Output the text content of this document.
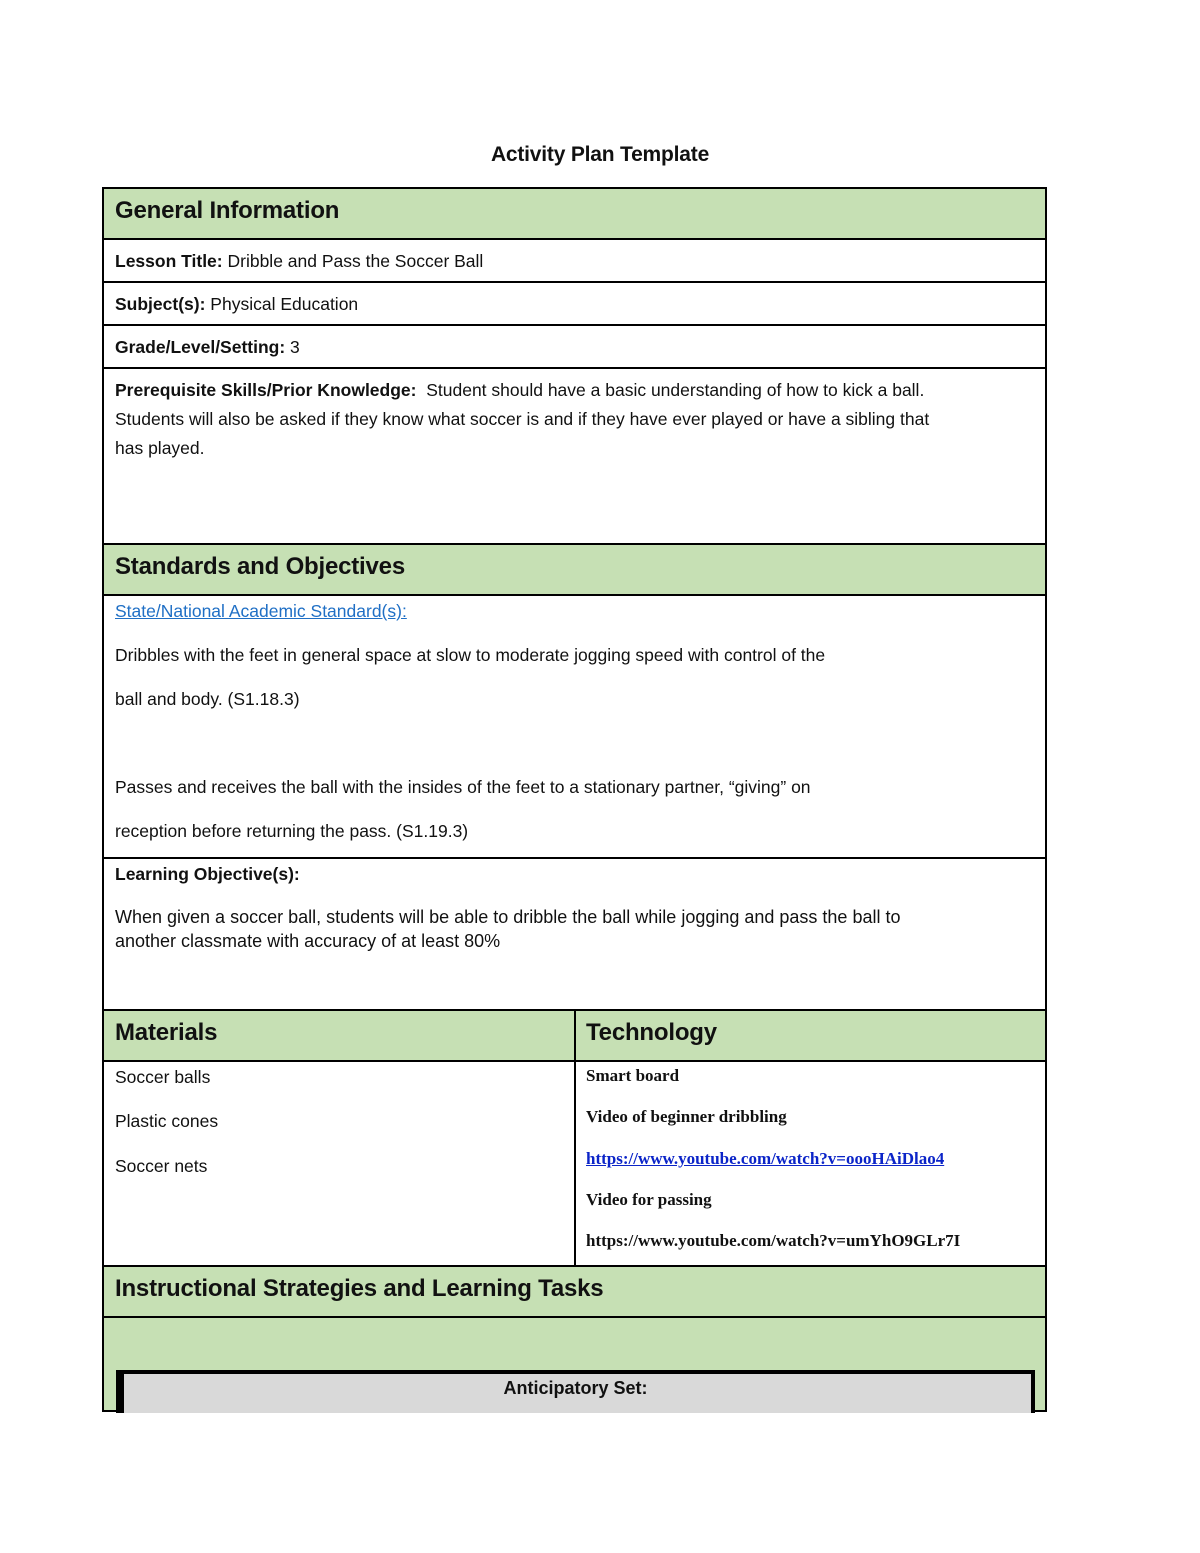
Activity Plan Template
General Information
Lesson Title: Dribble and Pass the Soccer Ball
Subject(s): Physical Education
Grade/Level/Setting: 3
Prerequisite Skills/Prior Knowledge:  Student should have a basic understanding of how to kick a ball.
Students will also be asked if they know what soccer is and if they have ever played or have a sibling that
has played.
Standards and Objectives
State/National Academic Standard(s):
Dribbles with the feet in general space at slow to moderate jogging speed with control of the
ball and body. (S1.18.3)
Passes and receives the ball with the insides of the feet to a stationary partner, “giving” on
reception before returning the pass. (S1.19.3)
Learning Objective(s):
When given a soccer ball, students will be able to dribble the ball while jogging and pass the ball to
another classmate with accuracy of at least 80%
Materials	Technology
Soccer balls
Plastic cones
Soccer nets
Smart board
Video of beginner dribbling
https://www.youtube.com/watch?v=oooHAiDlao4
Video for passing
https://www.youtube.com/watch?v=umYhO9GLr7I
Instructional Strategies and Learning Tasks
Anticipatory Set:
